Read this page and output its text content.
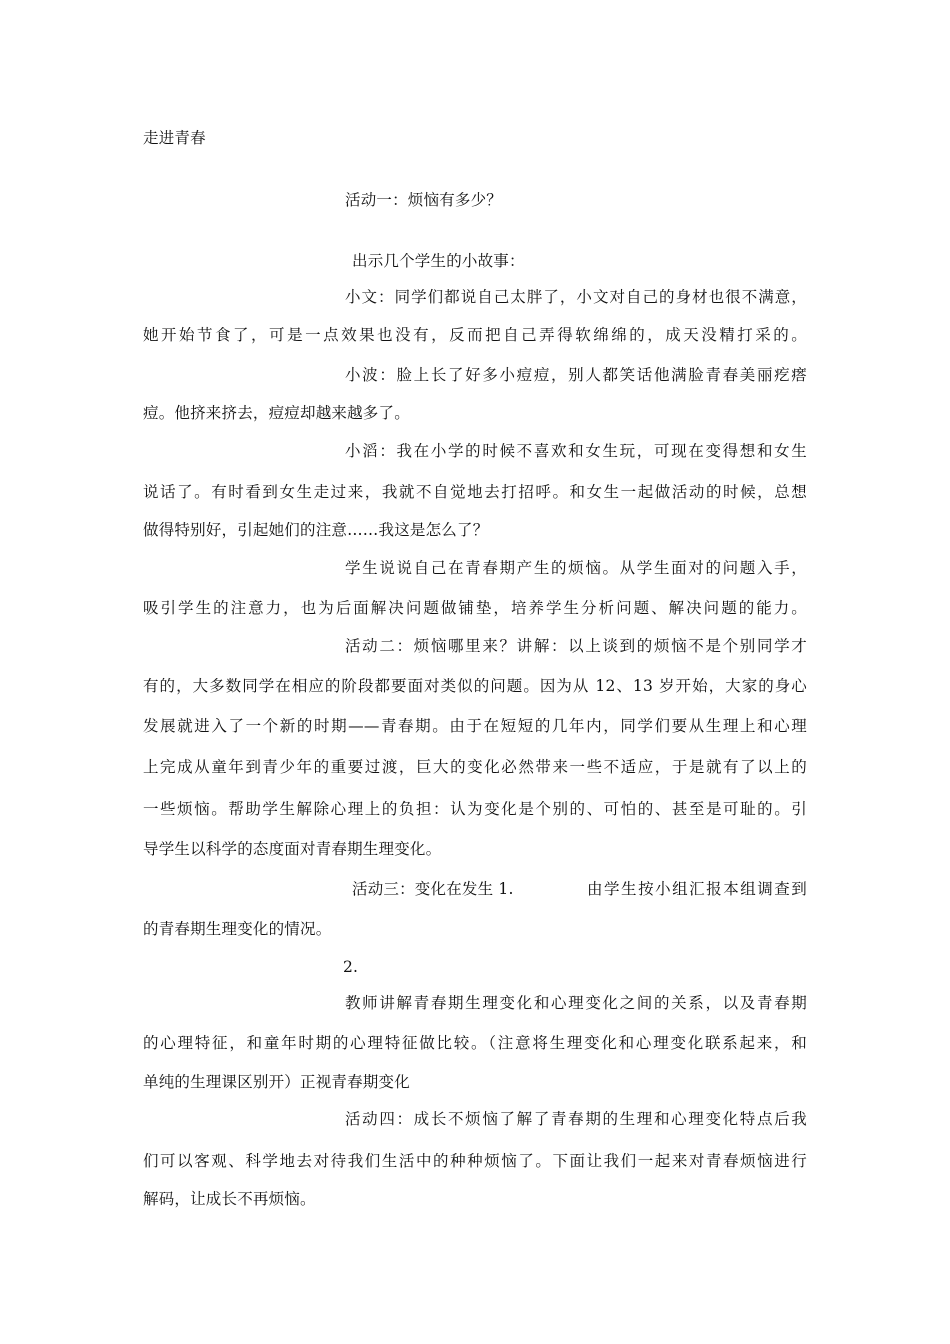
走进青春
活动一：烦恼有多少？
出示几个学生的小故事：
小文：同学们都说自己太胖了，小文对自己的身材也很不满意，
她开始节食了，可是一点效果也没有，反而把自己弄得软绵绵的，成天没精打采的。
小波：脸上长了好多小痘痘，别人都笑话他满脸青春美丽疙瘩
痘。他挤来挤去，痘痘却越来越多了。
小滔：我在小学的时候不喜欢和女生玩，可现在变得想和女生
说话了。有时看到女生走过来，我就不自觉地去打招呼。和女生一起做活动的时候，总想
做得特别好，引起她们的注意……我这是怎么了？
学生说说自己在青春期产生的烦恼。从学生面对的问题入手，
吸引学生的注意力，也为后面解决问题做铺垫，培养学生分析问题、解决问题的能力。
活动二：烦恼哪里来？讲解：以上谈到的烦恼不是个别同学才
有的，大多数同学在相应的阶段都要面对类似的问题。因为从 12、13 岁开始，大家的身心
发展就进入了一个新的时期——青春期。由于在短短的几年内，同学们要从生理上和心理
上完成从童年到青少年的重要过渡，巨大的变化必然带来一些不适应，于是就有了以上的
一些烦恼。帮助学生解除心理上的负担：认为变化是个别的、可怕的、甚至是可耻的。引
导学生以科学的态度面对青春期生理变化。
活动三：变化在发生 1.	由学生按小组汇报本组调查到
的青春期生理变化的情况。
2.
教师讲解青春期生理变化和心理变化之间的关系，以及青春期
的心理特征，和童年时期的心理特征做比较。（注意将生理变化和心理变化联系起来，和
单纯的生理课区别开）正视青春期变化
活动四：成长不烦恼了解了青春期的生理和心理变化特点后我
们可以客观、科学地去对待我们生活中的种种烦恼了。下面让我们一起来对青春烦恼进行
解码，让成长不再烦恼。
